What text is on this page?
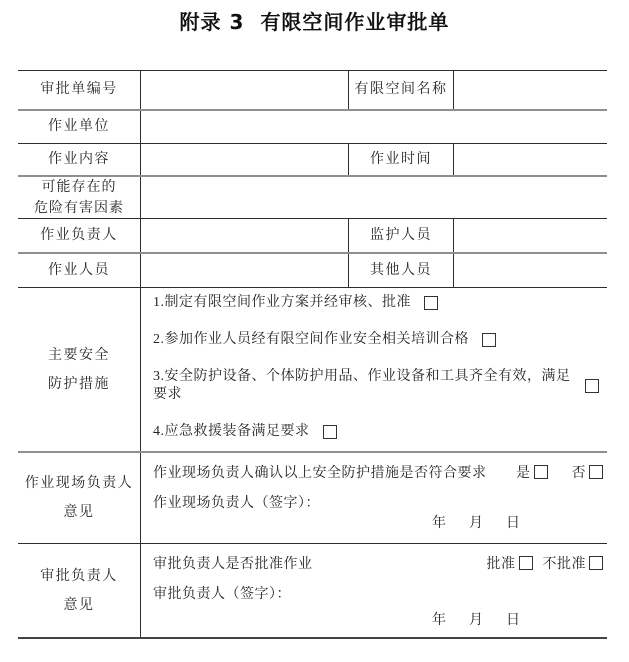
附录 3 有限空间作业审批单
审批单编号	有限空间名称
作业单位
作业内容	作业时间
可能存在的
危险有害因素
作业负责人	监护人员
作业人员	其他人员
主要安全
防护措施
1.制定有限空间作业方案并经审核、批准
2.参加作业人员经有限空间作业安全相关培训合格
3.安全防护设备、个体防护用品、作业设备和工具齐全有效，满足要求
4.应急救援装备满足要求
作业现场负责人
意见
作业现场负责人确认以上安全防护措施是否符合要求 是	否
作业现场负责人（签字）：
年 月 日
审批负责人
意见
审批负责人是否批准作业	批准 不批准
审批负责人（签字）：
年 月 日
